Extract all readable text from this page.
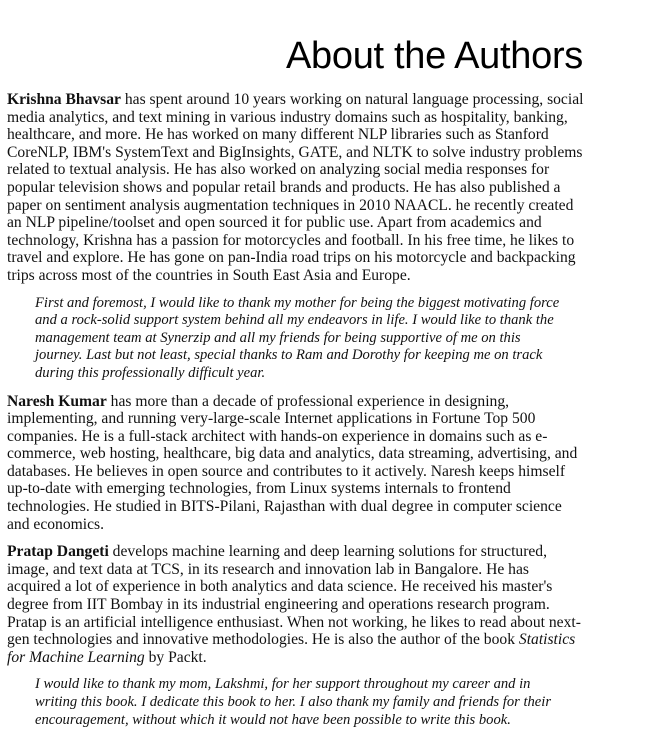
About the Authors

Krishna Bhavsar has spent around 10 years working on natural language processing, social
media analytics, and text mining in various industry domains such as hospitality, banking,
healthcare, and more. He has worked on many different NLP libraries such as Stanford
CoreNLP, IBM's SystemText and BigInsights, GATE, and NLTK to solve industry problems
related to textual analysis. He has also worked on analyzing social media responses for
popular television shows and popular retail brands and products. He has also published a
paper on sentiment analysis augmentation techniques in 2010 NAACL. he recently created
an NLP pipeline/toolset and open sourced it for public use. Apart from academics and
technology, Krishna has a passion for motorcycles and football. In his free time, he likes to
travel and explore. He has gone on pan-India road trips on his motorcycle and backpacking
trips across most of the countries in South East Asia and Europe.

First and foremost, I would like to thank my mother for being the biggest motivating force
and a rock-solid support system behind all my endeavors in life. I would like to thank the
management team at Synerzip and all my friends for being supportive of me on this
journey. Last but not least, special thanks to Ram and Dorothy for keeping me on track
during this professionally difficult year.

Naresh Kumar has more than a decade of professional experience in designing,
implementing, and running very-large-scale Internet applications in Fortune Top 500
companies. He is a full-stack architect with hands-on experience in domains such as e-
commerce, web hosting, healthcare, big data and analytics, data streaming, advertising, and
databases. He believes in open source and contributes to it actively. Naresh keeps himself
up-to-date with emerging technologies, from Linux systems internals to frontend
technologies. He studied in BITS-Pilani, Rajasthan with dual degree in computer science
and economics.

Pratap Dangeti develops machine learning and deep learning solutions for structured,
image, and text data at TCS, in its research and innovation lab in Bangalore. He has
acquired a lot of experience in both analytics and data science. He received his master's
degree from IIT Bombay in its industrial engineering and operations research program.
Pratap is an artificial intelligence enthusiast. When not working, he likes to read about next-
gen technologies and innovative methodologies. He is also the author of the book Statistics
for Machine Learning by Packt.

I would like to thank my mom, Lakshmi, for her support throughout my career and in
writing this book. I dedicate this book to her. I also thank my family and friends for their
encouragement, without which it would not have been possible to write this book.
